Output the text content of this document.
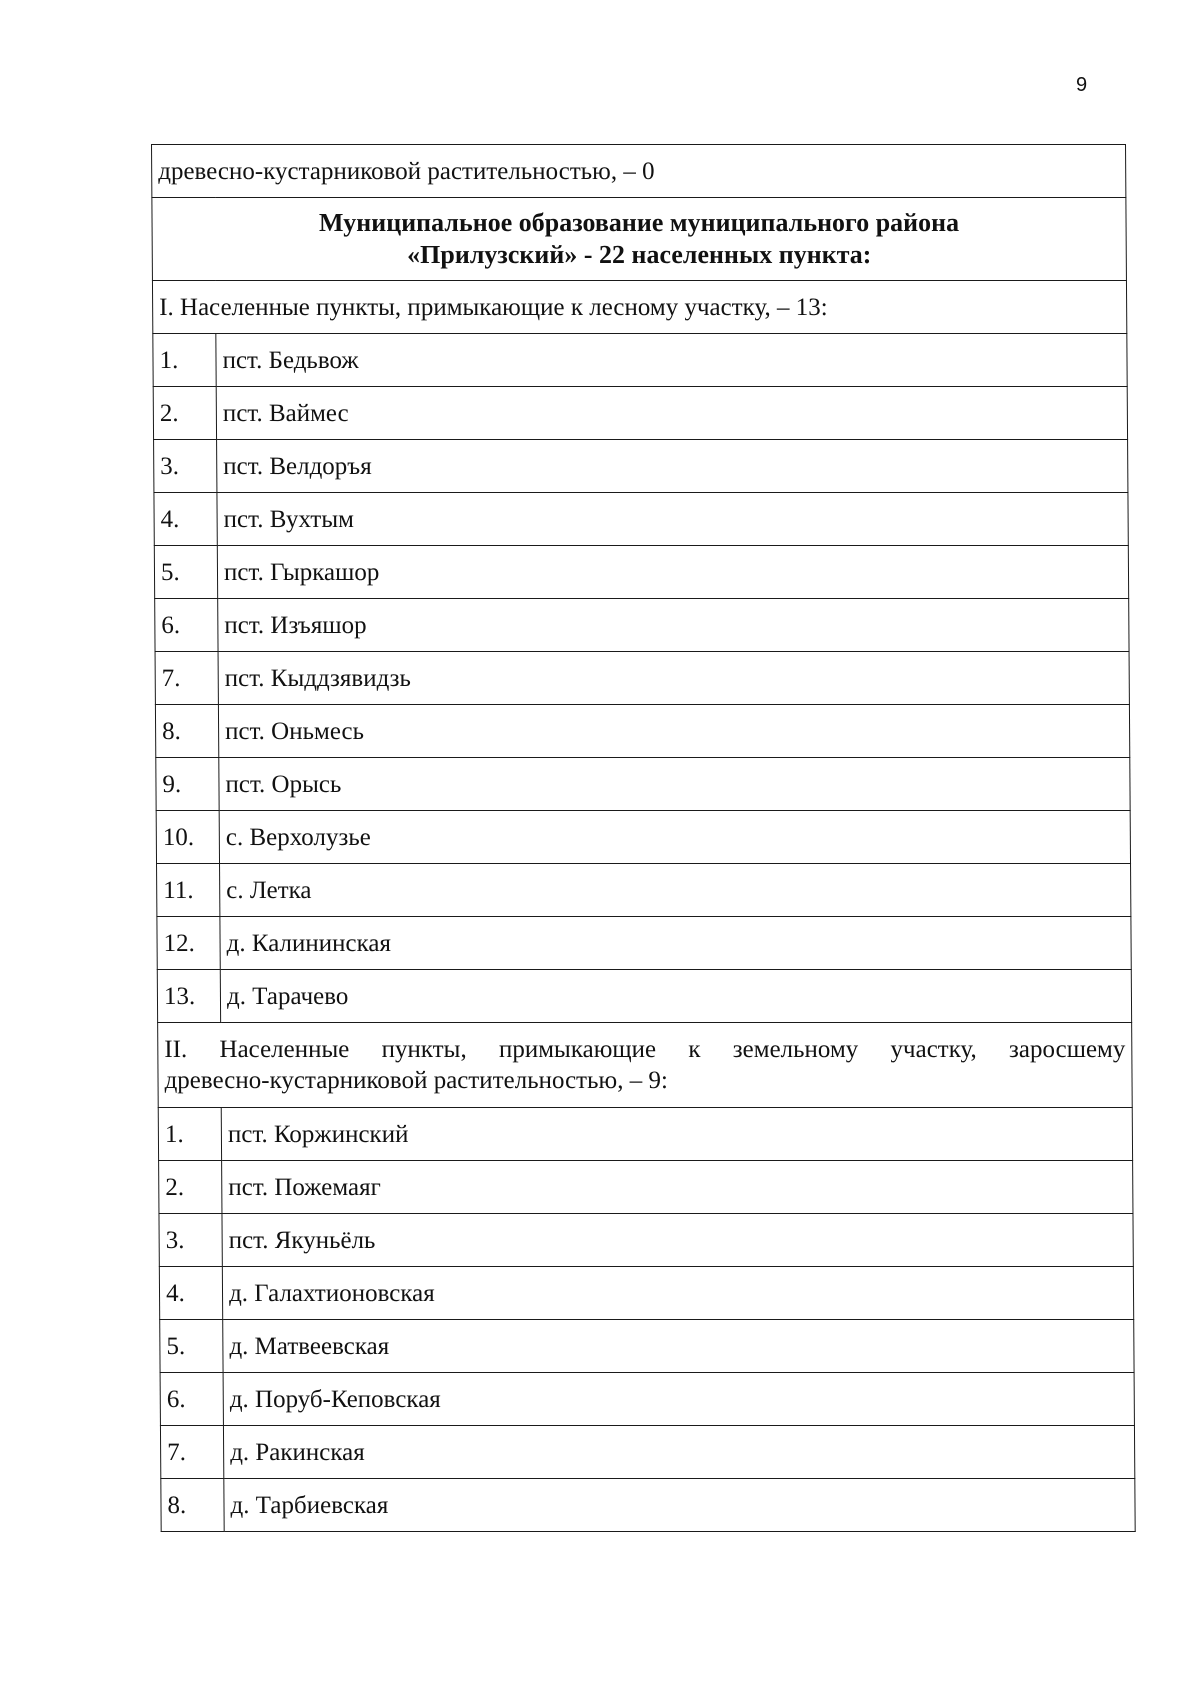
9
древесно-кустарниковой растительностью, – 0	

Муниципальное образование муниципального района
«Прилузский» - 22 населенных пункта:	

I. Населенные пункты, примыкающие к лесному участку, – 13:	
1.	пст. Бедьвож
2.	пст. Ваймес
3.	пст. Велдоръя
4.	пст. Вухтым
5.	пст. Гыркашор
6.	пст. Изъяшор
7.	пст. Кыддзявидзь
8.	пст. Оньмесь
9.	пст. Орысь
10.	с. Верхолузье
11.	с. Летка
12.	д. Калининская
13.	д. Тарачево

II. Населенные пункты, примыкающие к земельному участку, заросшему
древесно-кустарниковой растительностью, – 9:	

1.	пст. Коржинский
2.	пст. Пожемаяг
3.	пст. Якуньёль
4.	д. Галахтионовская
5.	д. Матвеевская
6.	д. Поруб-Кеповская
7.	д. Ракинская
8.	д. Тарбиевская
